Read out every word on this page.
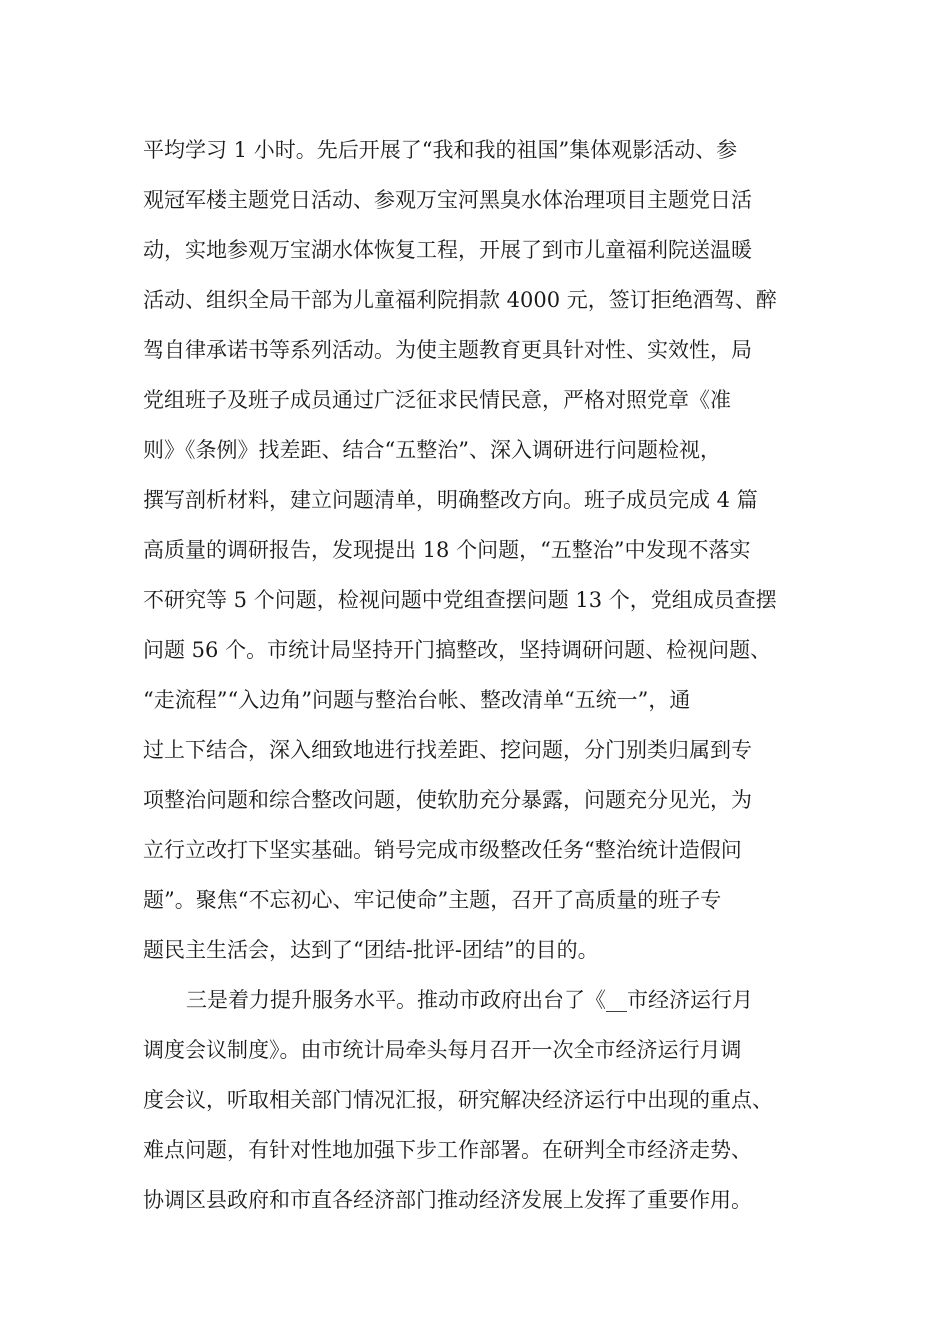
平均学习 1 小时。先后开展了“我和我的祖国”集体观影活动、参
观冠军楼主题党日活动、参观万宝河黑臭水体治理项目主题党日活
动，实地参观万宝湖水体恢复工程，开展了到市儿童福利院送温暖
活动、组织全局干部为儿童福利院捐款 4000 元，签订拒绝酒驾、醉
驾自律承诺书等系列活动。为使主题教育更具针对性、实效性，局
党组班子及班子成员通过广泛征求民情民意，严格对照党章《准
则》《条例》找差距、结合“五整治”、深入调研进行问题检视，
撰写剖析材料，建立问题清单，明确整改方向。班子成员完成 4 篇
高质量的调研报告，发现提出 18 个问题，“五整治”中发现不落实
不研究等 5 个问题，检视问题中党组查摆问题 13 个，党组成员查摆
问题 56 个。市统计局坚持开门搞整改，坚持调研问题、检视问题、
“走流程”“入边角”问题与整治台帐、整改清单“五统一”，通
过上下结合，深入细致地进行找差距、挖问题，分门别类归属到专
项整治问题和综合整改问题，使软肋充分暴露，问题充分见光，为
立行立改打下坚实基础。销号完成市级整改任务“整治统计造假问
题”。聚焦“不忘初心、牢记使命”主题，召开了高质量的班子专
题民主生活会，达到了“团结-批评-团结”的目的。
三是着力提升服务水平。推动市政府出台了《__市经济运行月
调度会议制度》。由市统计局牵头每月召开一次全市经济运行月调
度会议，听取相关部门情况汇报，研究解决经济运行中出现的重点、
难点问题，有针对性地加强下步工作部署。在研判全市经济走势、
协调区县政府和市直各经济部门推动经济发展上发挥了重要作用。
